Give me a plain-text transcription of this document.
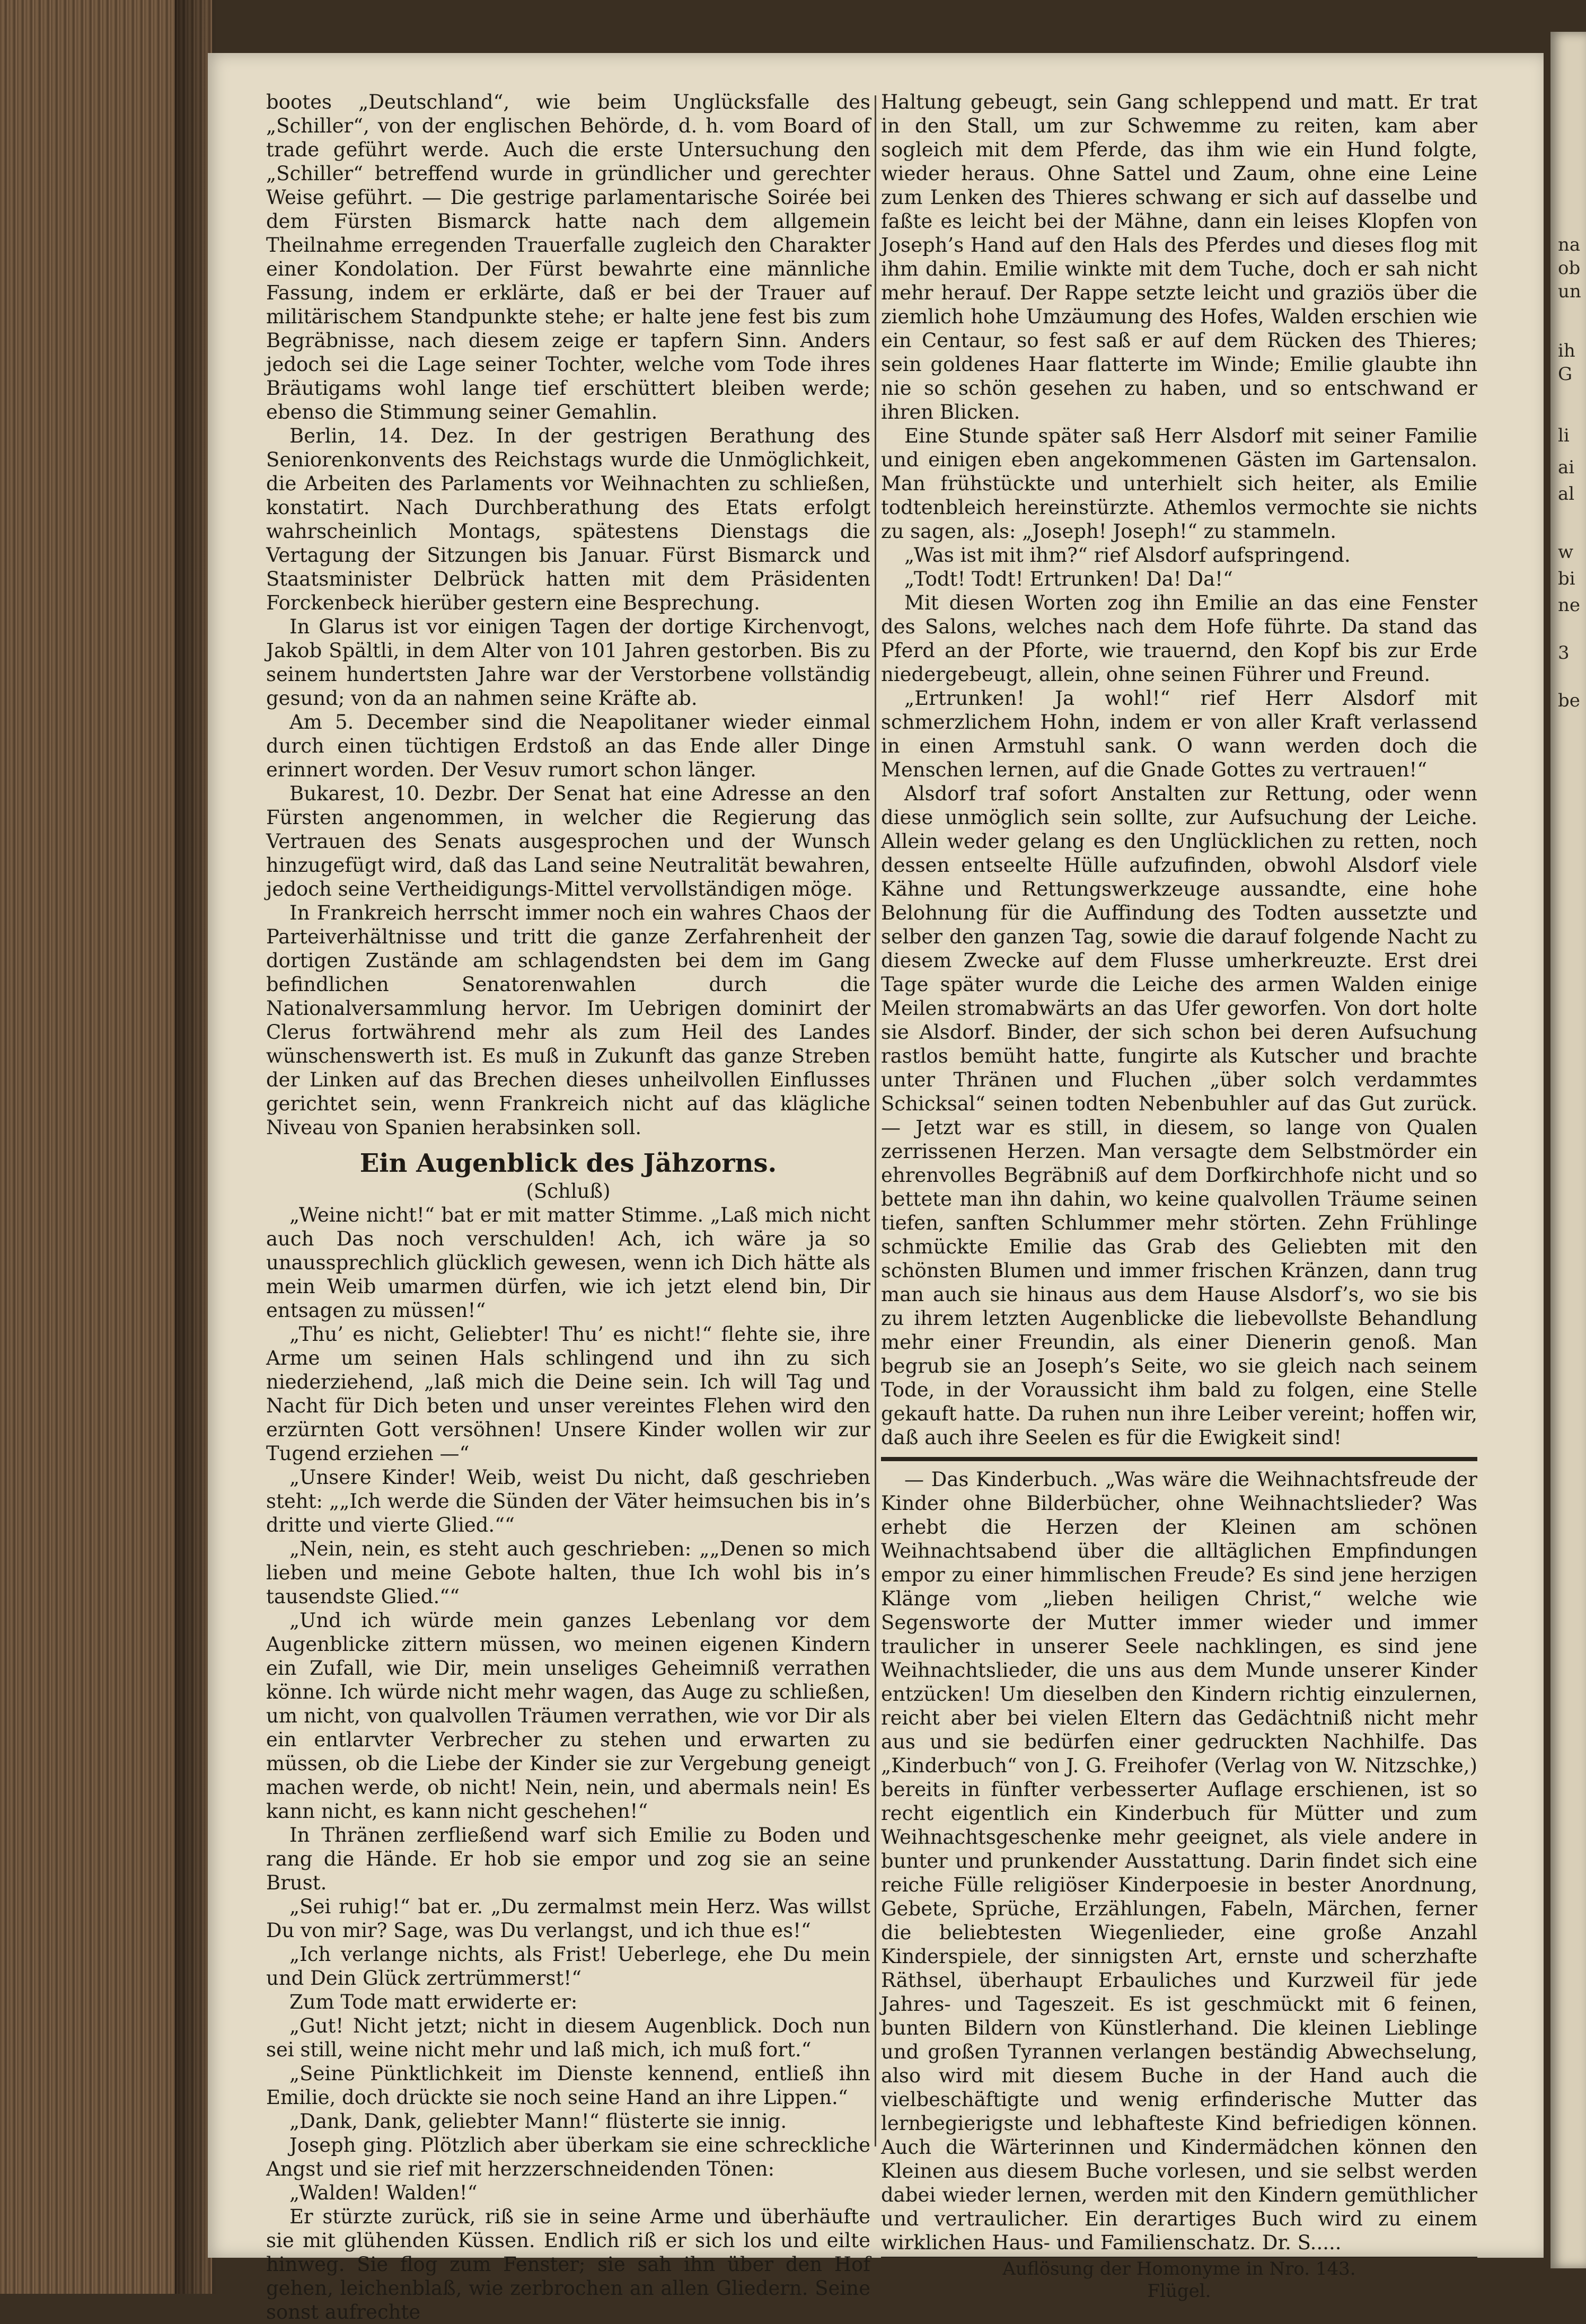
bootes „Deutschland“, wie beim Unglücksfalle des „Schiller“, von der englischen Behörde, d. h. vom Board of trade geführt werde. Auch die erste Untersuchung den „Schiller“ betreffend wurde in gründlicher und gerechter Weise geführt. — Die gestrige parlamentarische Soirée bei dem Fürsten Bismarck hatte nach dem allgemein Theilnahme erregenden Trauerfalle zugleich den Charakter einer Kondolation. Der Fürst bewahrte eine männliche Fassung, indem er erklärte, daß er bei der Trauer auf militärischem Standpunkte stehe; er halte jene fest bis zum Begräbnisse, nach diesem zeige er tapfern Sinn. Anders jedoch sei die Lage seiner Tochter, welche vom Tode ihres Bräutigams wohl lange tief erschüttert bleiben werde; ebenso die Stimmung seiner Gemahlin.

Berlin, 14. Dez. In der gestrigen Berathung des Seniorenkonvents des Reichstags wurde die Unmöglichkeit, die Arbeiten des Parlaments vor Weihnachten zu schließen, konstatirt. Nach Durchberathung des Etats erfolgt wahrscheinlich Montags, spätestens Dienstags die Vertagung der Sitzungen bis Januar. Fürst Bismarck und Staatsminister Delbrück hatten mit dem Präsidenten Forckenbeck hierüber gestern eine Besprechung.

In Glarus ist vor einigen Tagen der dortige Kirchenvogt, Jakob Spältli, in dem Alter von 101 Jahren gestorben. Bis zu seinem hundertsten Jahre war der Verstorbene vollständig gesund; von da an nahmen seine Kräfte ab.

Am 5. December sind die Neapolitaner wieder einmal durch einen tüchtigen Erdstoß an das Ende aller Dinge erinnert worden. Der Vesuv rumort schon länger.

Bukarest, 10. Dezbr. Der Senat hat eine Adresse an den Fürsten angenommen, in welcher die Regierung das Vertrauen des Senats ausgesprochen und der Wunsch hinzugefügt wird, daß das Land seine Neutralität bewahren, jedoch seine Vertheidigungs-Mittel vervollständigen möge.

In Frankreich herrscht immer noch ein wahres Chaos der Parteiverhältnisse und tritt die ganze Zerfahrenheit der dortigen Zustände am schlagendsten bei dem im Gang befindlichen Senatorenwahlen durch die Nationalversammlung hervor. Im Uebrigen dominirt der Clerus fortwährend mehr als zum Heil des Landes wünschenswerth ist. Es muß in Zukunft das ganze Streben der Linken auf das Brechen dieses unheilvollen Einflusses gerichtet sein, wenn Frankreich nicht auf das klägliche Niveau von Spanien herabsinken soll.

Ein Augenblick des Jähzorns.
(Schluß)

„Weine nicht!“ bat er mit matter Stimme. „Laß mich nicht auch Das noch verschulden! Ach, ich wäre ja so unaussprechlich glücklich gewesen, wenn ich Dich hätte als mein Weib umarmen dürfen, wie ich jetzt elend bin, Dir entsagen zu müssen!“

„Thu’ es nicht, Geliebter! Thu’ es nicht!“ flehte sie, ihre Arme um seinen Hals schlingend und ihn zu sich niederziehend, „laß mich die Deine sein. Ich will Tag und Nacht für Dich beten und unser vereintes Flehen wird den erzürnten Gott versöhnen! Unsere Kinder wollen wir zur Tugend erziehen —“

„Unsere Kinder! Weib, weist Du nicht, daß geschrieben steht: „„Ich werde die Sünden der Väter heimsuchen bis in’s dritte und vierte Glied.““

„Nein, nein, es steht auch geschrieben: „„Denen so mich lieben und meine Gebote halten, thue Ich wohl bis in’s tausendste Glied.““

„Und ich würde mein ganzes Lebenlang vor dem Augenblicke zittern müssen, wo meinen eigenen Kindern ein Zufall, wie Dir, mein unseliges Geheimniß verrathen könne. Ich würde nicht mehr wagen, das Auge zu schließen, um nicht, von qualvollen Träumen verrathen, wie vor Dir als ein entlarvter Verbrecher zu stehen und erwarten zu müssen, ob die Liebe der Kinder sie zur Vergebung geneigt machen werde, ob nicht! Nein, nein, und abermals nein! Es kann nicht, es kann nicht geschehen!“

In Thränen zerfließend warf sich Emilie zu Boden und rang die Hände. Er hob sie empor und zog sie an seine Brust.

„Sei ruhig!“ bat er. „Du zermalmst mein Herz. Was willst Du von mir? Sage, was Du verlangst, und ich thue es!“

„Ich verlange nichts, als Frist! Ueberlege, ehe Du mein und Dein Glück zertrümmerst!“

Zum Tode matt erwiderte er:

„Gut! Nicht jetzt; nicht in diesem Augenblick. Doch nun sei still, weine nicht mehr und laß mich, ich muß fort.“

„Seine Pünktlichkeit im Dienste kennend, entließ ihn Emilie, doch drückte sie noch seine Hand an ihre Lippen.“

„Dank, Dank, geliebter Mann!“ flüsterte sie innig.

Joseph ging. Plötzlich aber überkam sie eine schreckliche Angst und sie rief mit herzzerschneidenden Tönen:

„Walden! Walden!“

Er stürzte zurück, riß sie in seine Arme und überhäufte sie mit glühenden Küssen. Endlich riß er sich los und eilte hinweg. Sie flog zum Fenster; sie sah ihn über den Hof gehen, leichenblaß, wie zerbrochen an allen Gliedern. Seine sonst aufrechte

Haltung gebeugt, sein Gang schleppend und matt. Er trat in den Stall, um zur Schwemme zu reiten, kam aber sogleich mit dem Pferde, das ihm wie ein Hund folgte, wieder heraus. Ohne Sattel und Zaum, ohne eine Leine zum Lenken des Thieres schwang er sich auf dasselbe und faßte es leicht bei der Mähne, dann ein leises Klopfen von Joseph’s Hand auf den Hals des Pferdes und dieses flog mit ihm dahin. Emilie winkte mit dem Tuche, doch er sah nicht mehr herauf. Der Rappe setzte leicht und graziös über die ziemlich hohe Umzäumung des Hofes, Walden erschien wie ein Centaur, so fest saß er auf dem Rücken des Thieres; sein goldenes Haar flatterte im Winde; Emilie glaubte ihn nie so schön gesehen zu haben, und so entschwand er ihren Blicken.

Eine Stunde später saß Herr Alsdorf mit seiner Familie und einigen eben angekommenen Gästen im Gartensalon. Man frühstückte und unterhielt sich heiter, als Emilie todtenbleich hereinstürzte. Athemlos vermochte sie nichts zu sagen, als: „Joseph! Joseph!“ zu stammeln.

„Was ist mit ihm?“ rief Alsdorf aufspringend.

„Todt! Todt! Ertrunken! Da! Da!“

Mit diesen Worten zog ihn Emilie an das eine Fenster des Salons, welches nach dem Hofe führte. Da stand das Pferd an der Pforte, wie trauernd, den Kopf bis zur Erde niedergebeugt, allein, ohne seinen Führer und Freund.

„Ertrunken! Ja wohl!“ rief Herr Alsdorf mit schmerzlichem Hohn, indem er von aller Kraft verlassend in einen Armstuhl sank. O wann werden doch die Menschen lernen, auf die Gnade Gottes zu vertrauen!“

Alsdorf traf sofort Anstalten zur Rettung, oder wenn diese unmöglich sein sollte, zur Aufsuchung der Leiche. Allein weder gelang es den Unglücklichen zu retten, noch dessen entseelte Hülle aufzufinden, obwohl Alsdorf viele Kähne und Rettungswerkzeuge aussandte, eine hohe Belohnung für die Auffindung des Todten aussetzte und selber den ganzen Tag, sowie die darauf folgende Nacht zu diesem Zwecke auf dem Flusse umherkreuzte. Erst drei Tage später wurde die Leiche des armen Walden einige Meilen stromabwärts an das Ufer geworfen. Von dort holte sie Alsdorf. Binder, der sich schon bei deren Aufsuchung rastlos bemüht hatte, fungirte als Kutscher und brachte unter Thränen und Fluchen „über solch verdammtes Schicksal“ seinen todten Nebenbuhler auf das Gut zurück. — Jetzt war es still, in diesem, so lange von Qualen zerrissenen Herzen. Man versagte dem Selbstmörder ein ehrenvolles Begräbniß auf dem Dorfkirchhofe nicht und so bettete man ihn dahin, wo keine qualvollen Träume seinen tiefen, sanften Schlummer mehr störten. Zehn Frühlinge schmückte Emilie das Grab des Geliebten mit den schönsten Blumen und immer frischen Kränzen, dann trug man auch sie hinaus aus dem Hause Alsdorf’s, wo sie bis zu ihrem letzten Augenblicke die liebevollste Behandlung mehr einer Freundin, als einer Dienerin genoß. Man begrub sie an Joseph’s Seite, wo sie gleich nach seinem Tode, in der Voraussicht ihm bald zu folgen, eine Stelle gekauft hatte. Da ruhen nun ihre Leiber vereint; hoffen wir, daß auch ihre Seelen es für die Ewigkeit sind!

— Das Kinderbuch. „Was wäre die Weihnachtsfreude der Kinder ohne Bilderbücher, ohne Weihnachtslieder? Was erhebt die Herzen der Kleinen am schönen Weihnachtsabend über die alltäglichen Empfindungen empor zu einer himmlischen Freude? Es sind jene herzigen Klänge vom „lieben heiligen Christ,“ welche wie Segensworte der Mutter immer wieder und immer traulicher in unserer Seele nachklingen, es sind jene Weihnachtslieder, die uns aus dem Munde unserer Kinder entzücken! Um dieselben den Kindern richtig einzulernen, reicht aber bei vielen Eltern das Gedächtniß nicht mehr aus und sie bedürfen einer gedruckten Nachhilfe. Das „Kinderbuch“ von J. G. Freihofer (Verlag von W. Nitzschke,) bereits in fünfter verbesserter Auflage erschienen, ist so recht eigentlich ein Kinderbuch für Mütter und zum Weihnachtsgeschenke mehr geeignet, als viele andere in bunter und prunkender Ausstattung. Darin findet sich eine reiche Fülle religiöser Kinderpoesie in bester Anordnung, Gebete, Sprüche, Erzählungen, Fabeln, Märchen, ferner die beliebtesten Wiegenlieder, eine große Anzahl Kinderspiele, der sinnigsten Art, ernste und scherzhafte Räthsel, überhaupt Erbauliches und Kurzweil für jede Jahres- und Tageszeit. Es ist geschmückt mit 6 feinen, bunten Bildern von Künstlerhand. Die kleinen Lieblinge und großen Tyrannen verlangen beständig Abwechselung, also wird mit diesem Buche in der Hand auch die vielbeschäftigte und wenig erfinderische Mutter das lernbegierigste und lebhafteste Kind befriedigen können. Auch die Wärterinnen und Kindermädchen können den Kleinen aus diesem Buche vorlesen, und sie selbst werden dabei wieder lernen, werden mit den Kindern gemüthlicher und vertraulicher. Ein derartiges Buch wird zu einem wirklichen Haus- und Familienschatz. Dr. S.....

Auflösung der Homonyme in Nro. 143.
Flügel.
na
ob
un
ih
G
li
ai
al
w
bi
ne
3
be
